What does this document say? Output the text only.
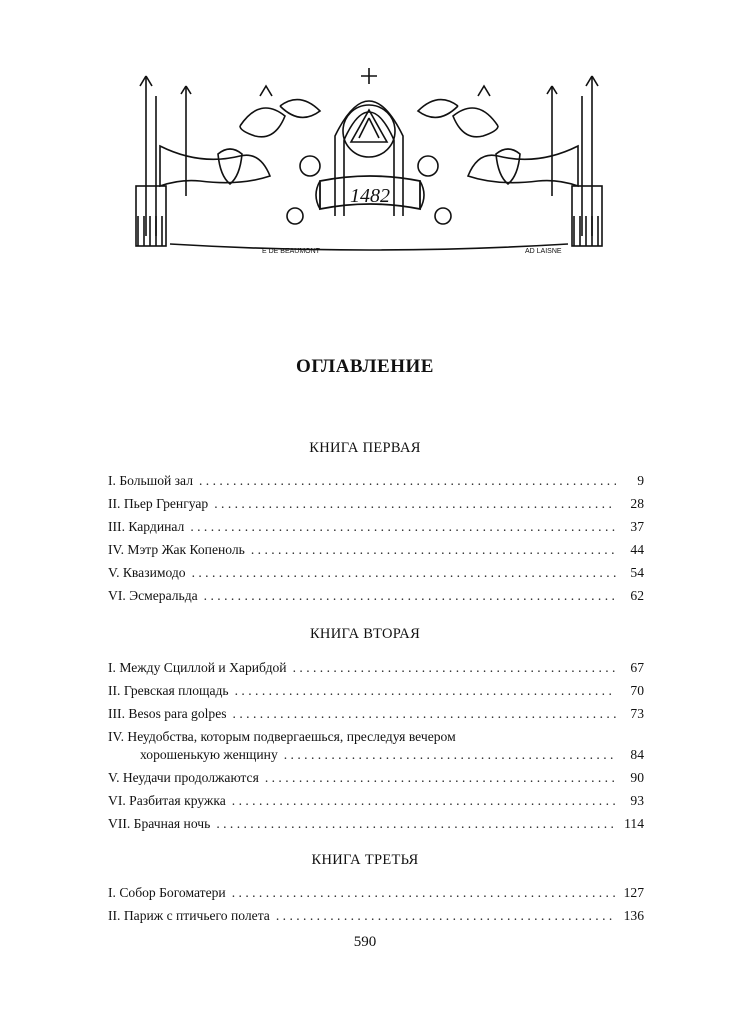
1482
E DE BEAUMONT	AD LAISNE
ОГЛАВЛЕНИЕ
КНИГА ПЕРВАЯ
I. Большой зал . . .	9
II. Пьер Гренгуар . . .	28
III. Кардинал . . .	37
IV. Мэтр Жак Копеноль . . .	44
V. Квазимодо . . .	54
VI. Эсмеральда . . .	62
КНИГА ВТОРАЯ
I. Между Сциллой и Харибдой . . .	67
II. Гревская площадь . . .	70
III. Besos para golpes . . .	73
IV. Неудобства, которым подвергаешься, преследуя вечером
хорошенькую женщину . . .	84
V. Неудачи продолжаются . . .	90
VI. Разбитая кружка . . .	93
VII. Брачная ночь . . .	114
КНИГА ТРЕТЬЯ
I. Собор Богоматери . . .	127
II. Париж с птичьего полета . . .	136
590
